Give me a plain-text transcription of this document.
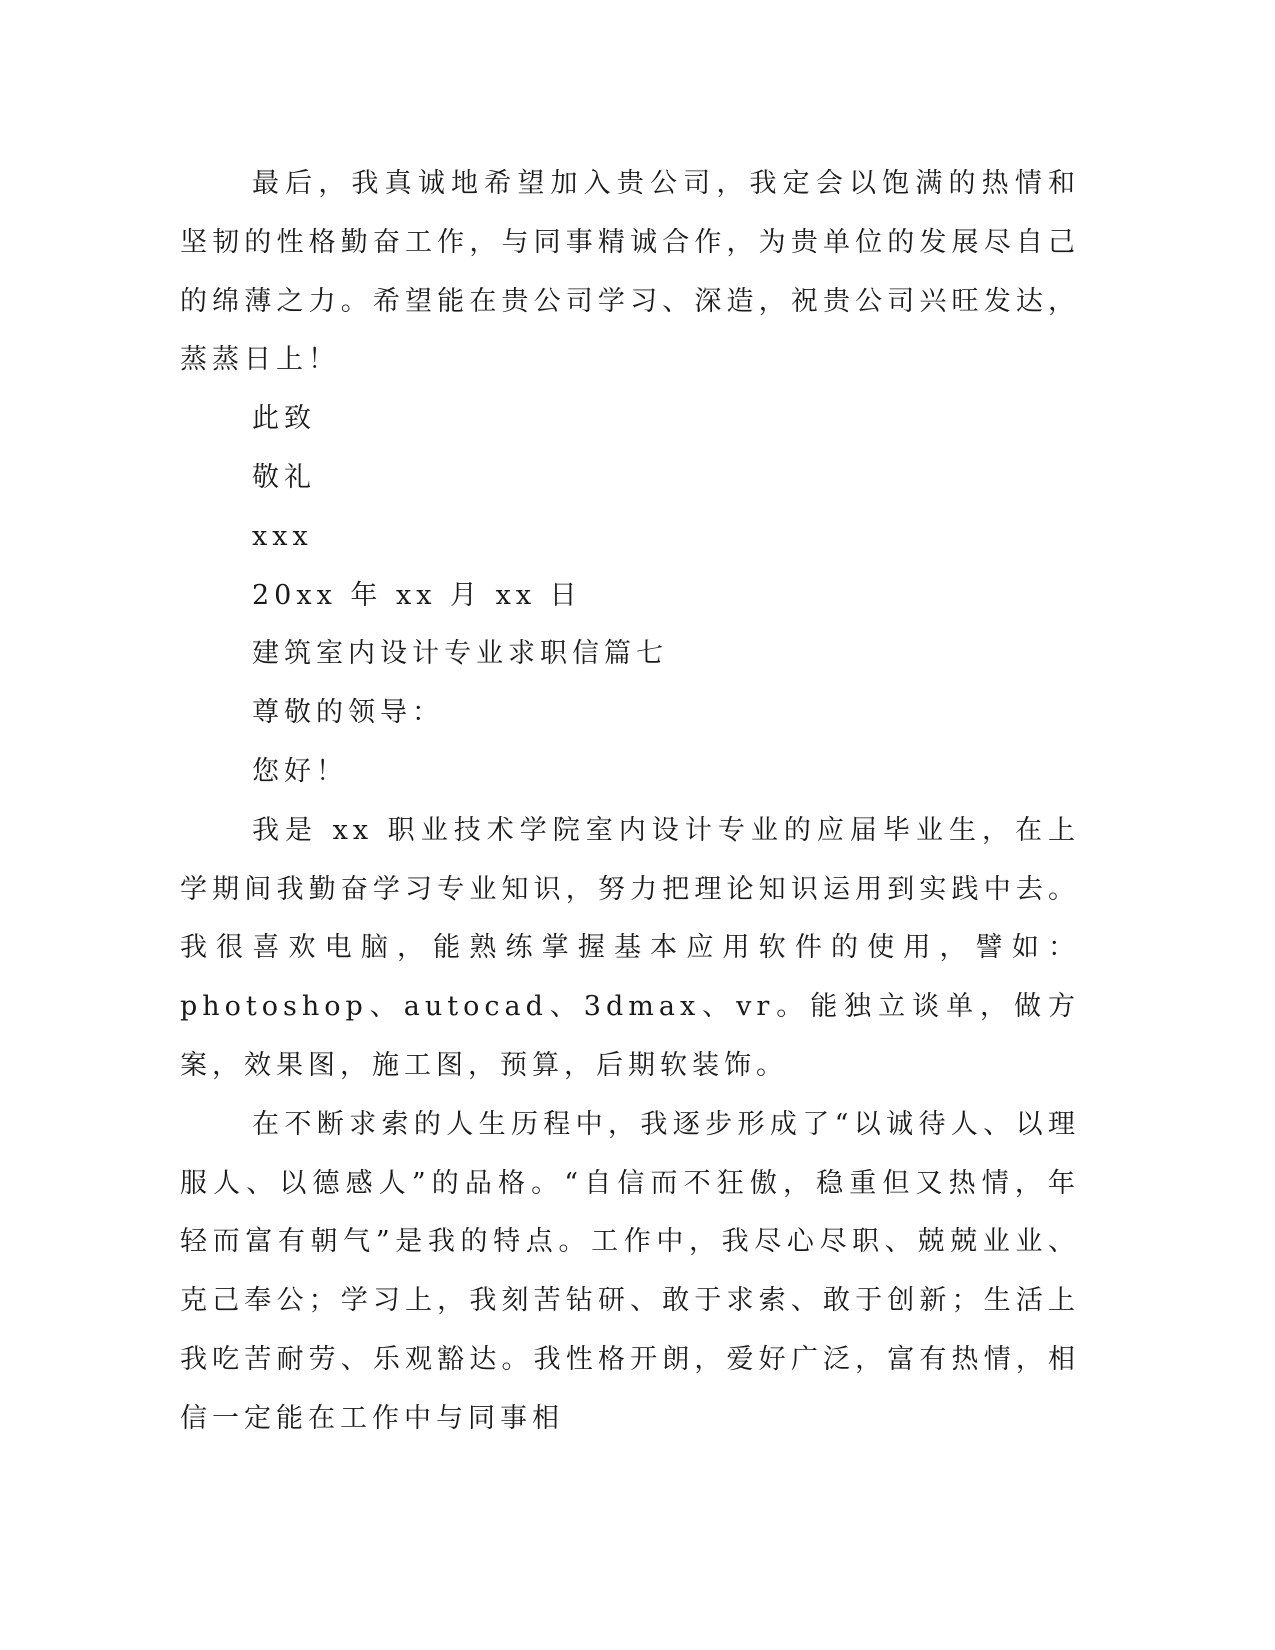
最后，我真诚地希望加入贵公司，我定会以饱满的热情和坚韧的性格勤奋工作，与同事精诚合作，为贵单位的发展尽自己的绵薄之力。希望能在贵公司学习、深造，祝贵公司兴旺发达，蒸蒸日上！

此致

敬礼

xxx

20xx 年 xx 月 xx 日

建筑室内设计专业求职信篇七

尊敬的领导：

您好！

我是 xx 职业技术学院室内设计专业的应届毕业生，在上学期间我勤奋学习专业知识，努力把理论知识运用到实践中去。我很喜欢电脑，能熟练掌握基本应用软件的使用，譬如：photoshop、autocad、3dmax、vr。能独立谈单，做方案，效果图，施工图，预算，后期软装饰。

在不断求索的人生历程中，我逐步形成了“以诚待人、以理服人、以德感人”的品格。“自信而不狂傲，稳重但又热情，年轻而富有朝气”是我的特点。工作中，我尽心尽职、兢兢业业、克己奉公；学习上，我刻苦钻研、敢于求索、敢于创新；生活上我吃苦耐劳、乐观豁达。我性格开朗，爱好广泛，富有热情，相信一定能在工作中与同事相
